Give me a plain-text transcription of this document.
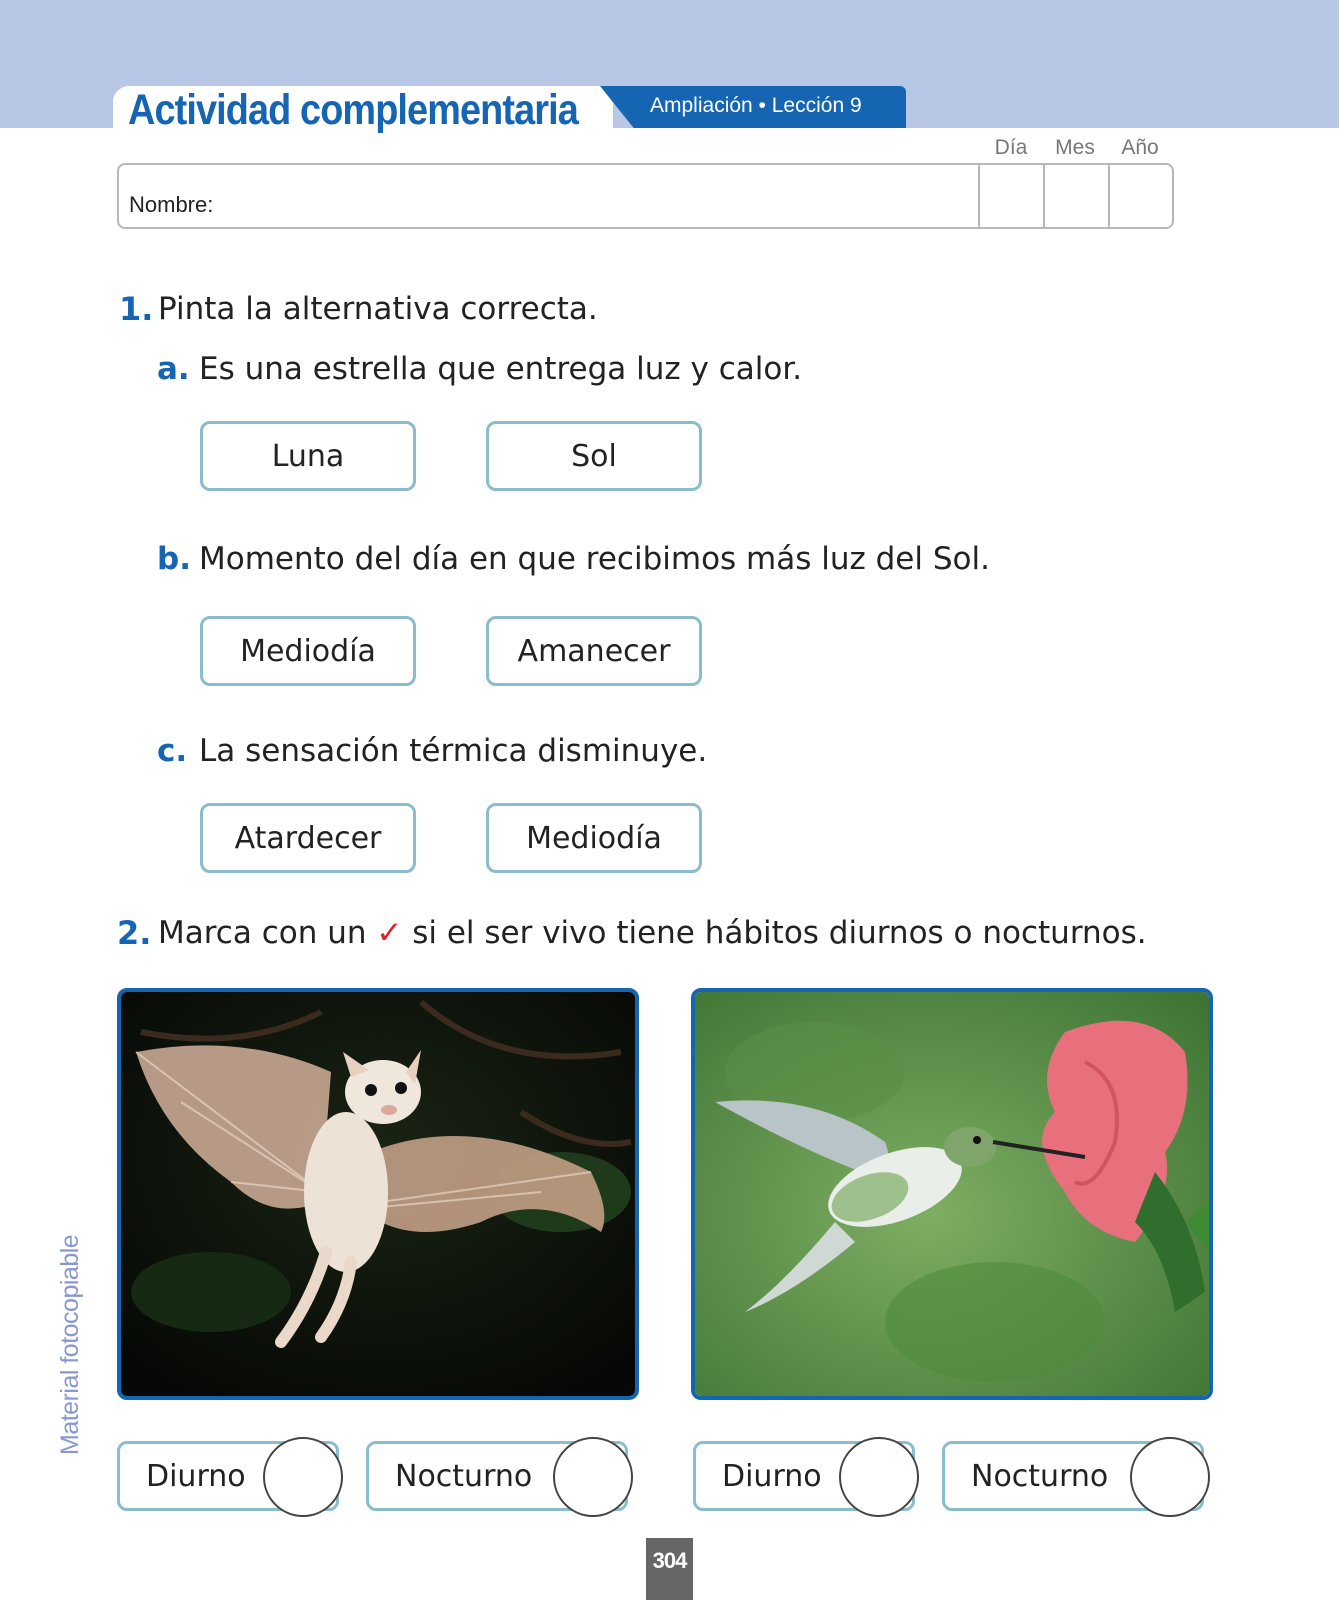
Actividad complementaria	Ampliación • Lección 9
Día	Mes	Año
Nombre:
1. Pinta la alternativa correcta.
a. Es una estrella que entrega luz y calor.
Luna	Sol
b. Momento del día en que recibimos más luz del Sol.
Mediodía	Amanecer
c. La sensación térmica disminuye.
Atardecer	Mediodía
2. Marca con un ✓ si el ser vivo tiene hábitos diurnos o nocturnos.
Diurno	Nocturno	Diurno	Nocturno
Material fotocopiable
304
